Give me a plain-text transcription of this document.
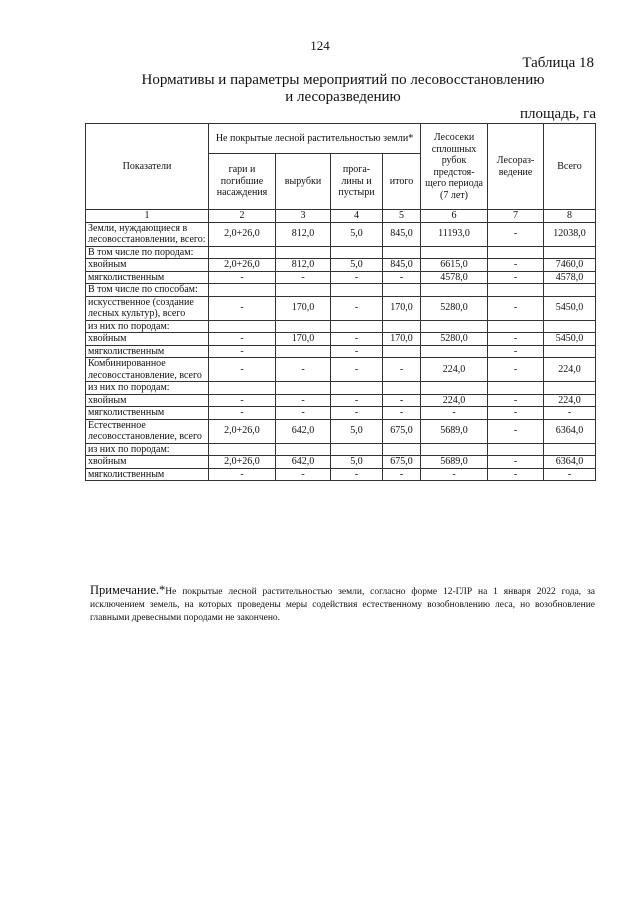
124
Таблица 18
Нормативы и параметры мероприятий по лесовосстановлению
и лесоразведению
площадь, га
Показатели	Не покрытые лесной растительностью земли*				Лесосеки сплошных рубок предстоя- щего периода (7 лет)	Лесораз- ведение	Всего
	гари и погибшие насаждения	вырубки	прога- лины и пустыри	итого			
1	2	3	4	5	6	7	8
Земли, нуждающиеся в лесовосстановлении, всего:	2,0+26,0	812,0	5,0	845,0	11193,0	-	12038,0
В том числе по породам:							
хвойным	2,0+26,0	812,0	5,0	845,0	6615,0	-	7460,0
мягколиственным	-	-	-	-	4578,0	-	4578,0
В том числе по способам:							
искусственное (создание лесных культур), всего	-	170,0	-	170,0	5280,0	-	5450,0
из них по породам:							
хвойным	-	170,0	-	170,0	5280,0	-	5450,0
мягколиственным	-		-			-	
Комбинированное лесовосстановление, всего	-	-	-	-	224,0	-	224,0
из них по породам:							
хвойным	-	-	-	-	224,0	-	224,0
мягколиственным	-	-	-	-	-	-	-
Естественное лесовосстановление, всего	2,0+26,0	642,0	5,0	675,0	5689,0	-	6364,0
из них по породам:							
хвойным	2,0+26,0	642,0	5,0	675,0	5689,0	-	6364,0
мягколиственным	-	-	-	-	-	-	-
Примечание.*Не покрытые лесной растительностью земли, согласно форме 12-ГЛР на 1 января 2022 года, за исключением земель, на которых проведены меры содействия естественному возобновлению леса, но возобновление главными древесными породами не закончено.
